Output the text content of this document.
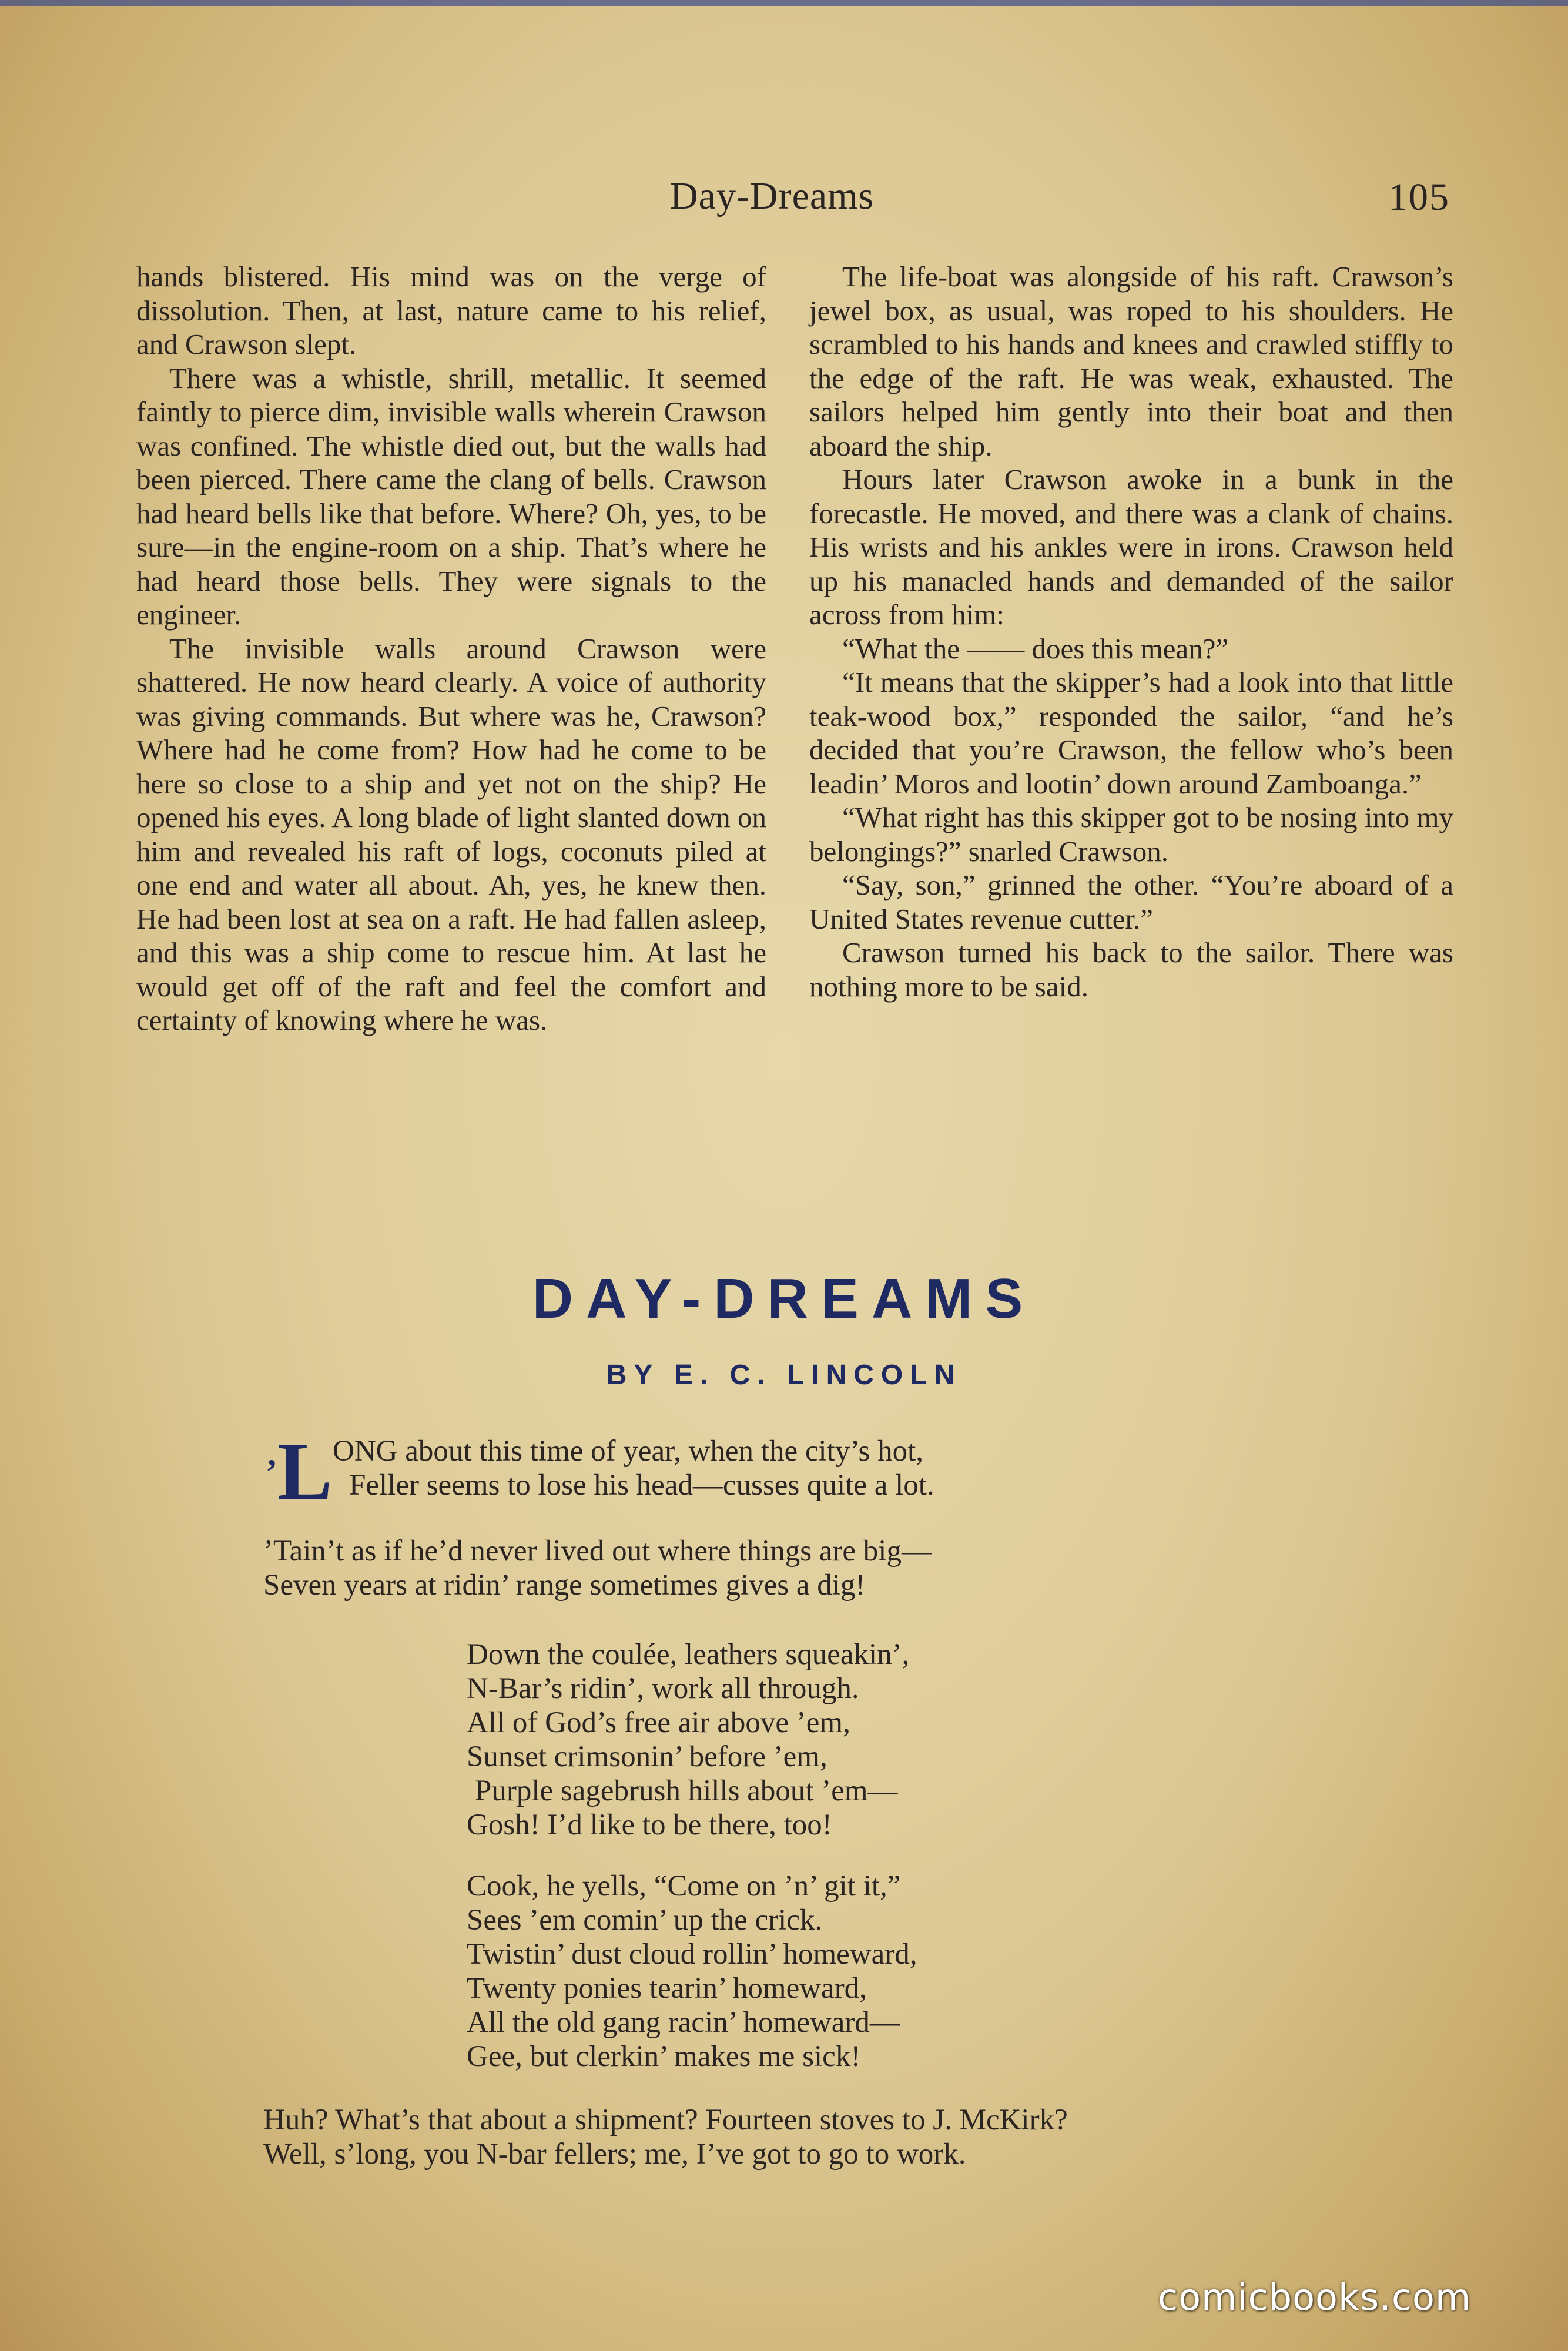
Day-Dreams	105

hands blistered. His mind was on the verge of dissolution. Then, at last, nature came to his relief, and Crawson slept.

There was a whistle, shrill, metallic. It seemed faintly to pierce dim, invisible walls wherein Crawson was confined. The whistle died out, but the walls had been pierced. There came the clang of bells. Crawson had heard bells like that before. Where? Oh, yes, to be sure—in the engine-room on a ship. That’s where he had heard those bells. They were signals to the engineer.

The invisible walls around Crawson were shattered. He now heard clearly. A voice of authority was giving commands. But where was he, Crawson? Where had he come from? How had he come to be here so close to a ship and yet not on the ship? He opened his eyes. A long blade of light slanted down on him and revealed his raft of logs, coconuts piled at one end and water all about. Ah, yes, he knew then. He had been lost at sea on a raft. He had fallen asleep, and this was a ship come to rescue him. At last he would get off of the raft and feel the comfort and certainty of knowing where he was.

The life-boat was alongside of his raft. Crawson’s jewel box, as usual, was roped to his shoulders. He scrambled to his hands and knees and crawled stiffly to the edge of the raft. He was weak, exhausted. The sailors helped him gently into their boat and then aboard the ship.

Hours later Crawson awoke in a bunk in the forecastle. He moved, and there was a clank of chains. His wrists and his ankles were in irons. Crawson held up his manacled hands and demanded of the sailor across from him:

“What the —— does this mean?”

“It means that the skipper’s had a look into that little teak-wood box,” responded the sailor, “and he’s decided that you’re Crawson, the fellow who’s been leadin’ Moros and lootin’ down around Zamboanga.”

“What right has this skipper got to be nosing into my belongings?” snarled Crawson.

“Say, son,” grinned the other. “You’re aboard of a United States revenue cutter.”

Crawson turned his back to the sailor. There was nothing more to be said.

DAY-DREAMS
BY E. C. LINCOLN
’L ONG about this time of year, when the city’s hot,
Feller seems to lose his head—cusses quite a lot.
’Tain’t as if he’d never lived out where things are big—
Seven years at ridin’ range sometimes gives a dig!
Down the coulée, leathers squeakin’,
N-Bar’s ridin’, work all through.
All of God’s free air above ’em,
Sunset crimsonin’ before ’em,
Purple sagebrush hills about ’em—
Gosh! I’d like to be there, too!
Cook, he yells, “Come on ’n’ git it,”
Sees ’em comin’ up the crick.
Twistin’ dust cloud rollin’ homeward,
Twenty ponies tearin’ homeward,
All the old gang racin’ homeward—
Gee, but clerkin’ makes me sick!
Huh? What’s that about a shipment? Fourteen stoves to J. McKirk?
Well, s’long, you N-bar fellers; me, I’ve got to go to work.
comicbooks.com
